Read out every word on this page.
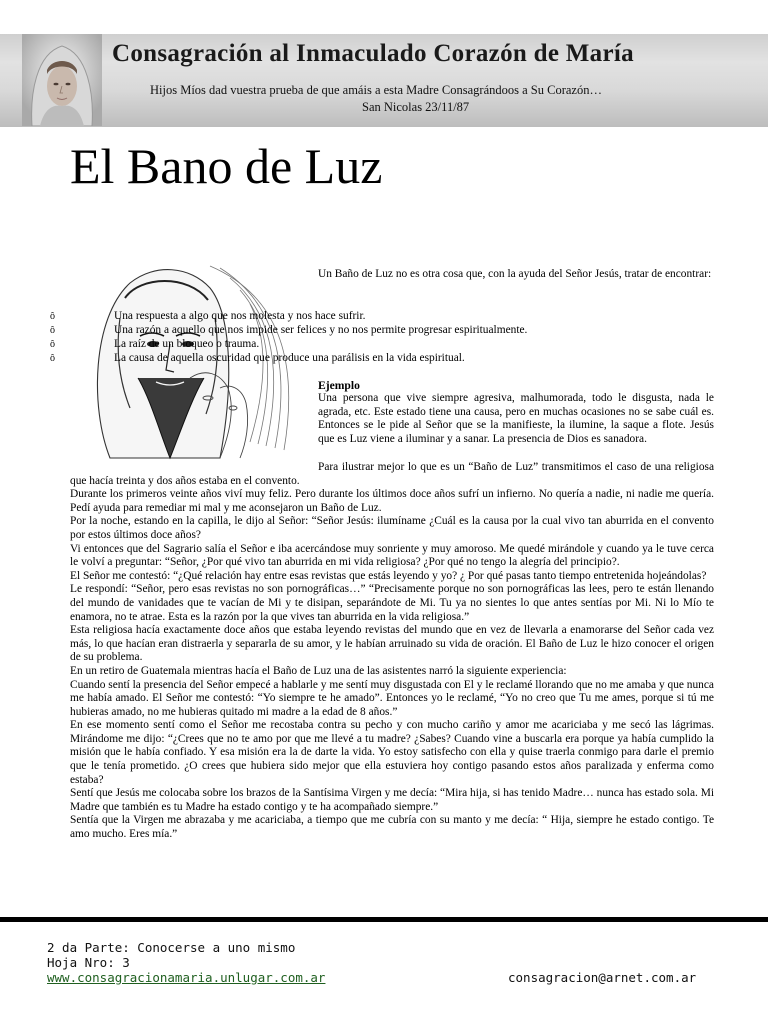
Consagración al Inmaculado Corazón de María
Hijos Míos dad vuestra prueba de que amáis a esta Madre Consagrándoos a Su Corazón…
San Nicolas 23/11/87
El Bano de Luz
Un Baño de Luz no es otra cosa que, con la ayuda del Señor Jesús, tratar de encontrar:
ô	Una respuesta a algo que nos molesta y nos hace sufrir.
ô	Una razón a aquello que nos impide ser felices y no nos permite progresar espiritualmente.
ô	La raíz de un bloqueo o trauma.
ô	La causa de aquella oscuridad que produce una parálisis en la vida espiritual.
Ejemplo
Una persona que vive siempre agresiva, malhumorada, todo le disgusta, nada le agrada, etc. Este estado tiene una causa, pero en muchas ocasiones no se sabe cuál es. Entonces se le pide al Señor que se la manifieste, la ilumine, la saque a flote. Jesús que es Luz viene a iluminar y a sanar. La presencia de Dios es sanadora.

Para ilustrar mejor lo que es un “Baño de Luz” transmitimos el caso de una religiosa que hacía treinta y dos años estaba en el convento.

Durante los primeros veinte años viví muy feliz. Pero durante los últimos doce años sufrí un infierno. No quería a nadie, ni nadie me quería. Pedí ayuda para remediar mi mal y me aconsejaron un Baño de Luz.

Por la noche, estando en la capilla, le dijo al Señor: “Señor Jesús: ilumíname ¿Cuál es la causa por la cual vivo tan aburrida en el convento por estos últimos doce años?

Vi entonces que del Sagrario salía el Señor e iba acercándose muy sonriente y muy amoroso. Me quedé mirándole y cuando ya le tuve cerca le volví a preguntar: “Señor, ¿Por qué vivo tan aburrida en mi vida religiosa? ¿Por qué no tengo la alegría del principio?.

El Señor me contestó: “¿Qué relación hay entre esas revistas que estás leyendo y yo? ¿ Por qué pasas tanto tiempo entretenida hojeándolas?

Le respondí: “Señor, pero esas revistas no son pornográficas…” “Precisamente porque no son pornográficas las lees, pero te están llenando del mundo de vanidades que te vacían de Mi y te disipan, separándote de Mi. Tu ya no sientes lo que antes sentías por Mi. Ni lo Mío te enamora, no te atrae. Esta es la razón por la que vives tan aburrida en la vida religiosa.”

Esta religiosa hacía exactamente doce años que estaba leyendo revistas del mundo que en vez de llevarla a enamorarse del Señor cada vez más, lo que hacían eran distraerla y separarla de su amor, y le habían arruinado su vida de oración. El Baño de Luz le hizo conocer el origen de su problema.

En un retiro de Guatemala mientras hacía el Baño de Luz una de las asistentes narró la siguiente experiencia:

Cuando sentí la presencia del Señor empecé a hablarle y me sentí muy disgustada con El y le reclamé llorando que no me amaba y que nunca me había amado. El Señor me contestó: “Yo siempre te he amado”. Entonces yo le reclamé, “Yo no creo que Tu me ames, porque si tú me hubieras amado, no me hubieras quitado mi madre a la edad de 8 años.”

En ese momento sentí como el Señor me recostaba contra su pecho y con mucho cariño y amor me acariciaba y me secó las lágrimas. Mirándome me dijo: “¿Crees que no te amo por que me llevé a tu madre? ¿Sabes? Cuando vine a buscarla era porque ya había cumplido la misión que le había confiado. Y esa misión era la de darte la vida. Yo estoy satisfecho con ella y quise traerla conmigo para darle el premio que le tenía prometido. ¿O crees que hubiera sido mejor que ella estuviera hoy contigo pasando estos años paralizada y enferma como estaba?

Sentí que Jesús me colocaba sobre los brazos de la Santísima Virgen y me decía: “Mira hija, si has tenido Madre… nunca has estado sola. Mi Madre que también es tu Madre ha estado contigo y te ha acompañado siempre.”

Sentía que la Virgen me abrazaba y me acariciaba, a tiempo que me cubría con su manto y me decía: “ Hija, siempre he estado contigo. Te amo mucho. Eres mía.”

2 da Parte: Conocerse a uno mismo
Hoja Nro: 3
www.consagracionamaria.unlugar.com.ar	consagracion@arnet.com.ar
